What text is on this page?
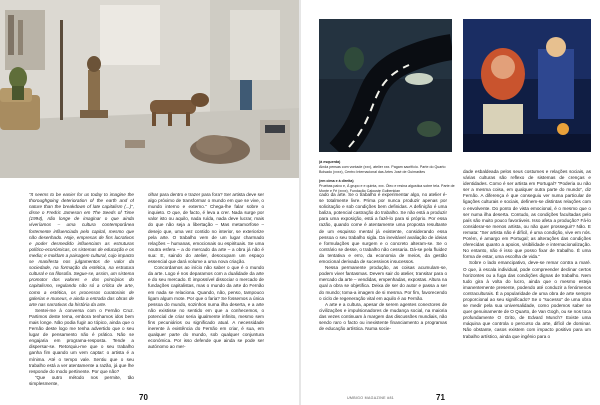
(à esquerda)
Ainda pensas com vontade (xxx), atelier xxx. Pagam sacrifício. Parte do Quarto Bolsado (xxxx), Centro Internacional das Artes José de Guimarães
(em cima e à direita)
Pruebas paixo e, À grupo e e quinta, xxx. Óleo e resina algustica sobre tela. Parte de Monte e Fé (xxxx), Fundação Calouste Gulbenkian

“It seems to be easier for us today to imagine the thoroughgoing deterioration of the earth and of nature than the breakdown of late capitalism (...)”, disse o Fredric Jameson em The Seeds of Time (1994), não longe de imaginar o que ainda viveríamos – uma cultura contemporânea fortemente influenciada pelo capital, mesmo que não desenhado. Hoje, empresas de fins lucrativos e poder desmedido influenciam as estruturas político-económicas, os sistemas de educação e os media; e moldam a paisagem cultural, cujo impacto se manifesta nos julgamentos de valor da sociedade, na formação da estética, na estrutura cultural e na filosofia. Segue-se, assim, um sistema promotor dos valores e dos princípios do capitalismo, regulando não só a crítica de arte, como a estética, os processos curatoriais de galerias e museus, e ainda a entrada das obras de arte nas narrativas da história da arte.

Sentei-me à conversa com o Fernão Cruz. Partimos deste tema, embora tenhamos idos bem mais longe. Não podia fugir ao tópico, ainda que o Fernão deste logo me tenha advertido que o seu lugar de pensamento não é prático. Não se engajaria em programa-resposta. Tende a dispersar-se. Retorquiu-me que o seu trabalho ganha fim quando um vem captar: o artista é a mínima. Até o tempo vale. Sentiu que o seu trabalho está a ver atentamente a razão, já que lhe responde do modo pertinente. Por que não?

“Que outro método nos permite, tão simplesmente,

olhar para dentro e trazer para fora? Ser artista deve ser algo próximo de transformar o mundo em que se vive, o mundo interno e externo.” Chega-lhe falar sobre o inquieto. O que, de facto, é leva a crer. Nada surge por valor isto ou aquilo, nada ruída, nada deve lucrar, mais do que não seja a libertação – Mas metamorfose – desejo que, uma vez contido no interior, se exteriorize pela arte. O trabalho vem de um lugar charmado relações – humanas, emocionais ou espirituais. Se uma noutra esfera – a do mercado da arte – a obra já não é sua: E, saindo do atelier, desocupam um espaço essencial que dará volume a uma nova criação.

Concordamos ao início não saber o que é o mundo da arte. Logo é nos deparamos com a dualidade da arte e do seu mercado. É impossível dissociar o mercado de fundações capitalistas, mas o mundo da arte do Fernão em nada se relaciona. Quando, não, penso, tampouco ligam algum mote. Por que o faria? Se fossemos a única pessoa do mundo, sozinhos numa ilha deserta, e a arte não existisse no sentido em que a conhecemos, o potencial de criar seria igualmente infinito, mesmo sem fins pecuniários ou significado atual. A necessidade inerente à existência do Fernão em criar, é sua, em qualquer parte do mundo, sob qualquer conjuntura económica. Por isso defende que ainda se pode ser autónomo ao mer-

cado da arte. Se o trabalho é experimentar algo, no atelier é-se totalmente livre. Prima por nunca produzir apenas por solicitação e sob condições bem definidas. A definição é uma baliza, potencial castração do trabalho. Se não está a produzir para uma exposição, está a fazê-lo para si próprio. Por essa razão, quando come é atentamente uma proposta resultante de um esquisso mental já existente, considerando essa pessoa o seu trabalho sigla. Da inevitável avaliação de ideias e formulações que surgem e o concreto alteram-se. Se o contrário se desse, o trabalho não cessaria. Dá-se pela fluidez da tentativa e erro, da economia de meios, da gestão emocional derivada de sucessivos insucessos.

Nessa permanente produção, as coisas acumulam-se, podem viver fantasmas. Devem sair do atelier, transitar para o mercado da arte – vendidas, empenhadas, expostas. Altura na qual a obra se objetifica. Deixa de ser do autor e passa a ser do mundo; toma-a imagem de si mesma. Por fim, favorecendo o ciclo de regeneração vital em aquilo é ao Fernão.

A arte e a cultura, apesar de serem agentes conectores de civilizações e impulsionadores de mudança social, na maioria das vezes continuam à margem das discussões mundiais, não sendo raro o facto ou inexistente financiamento a programas de educação artística. Numa socie-

dade esbaldeada pelos seus costumes e relações sociais, as várias culturas são reflexo de sistemas de crenças e identidades. Como é ser artista em Portugal? “Poderia ou não ser a mesma coisa, em qualquer outra parte do mundo”, diz Fernão. A diferença é que conseguiu ver numa particular de ligações culturais e sociais, definem-se distintas relações com o envolvente. Do ponto de vista emocional, é o mesmo que o ser numa ilha deserta. Contudo, as condições facultadas pelo país são muito pouco favoráveis. Isso afeta a produção? Fá-lo considerar-se menos artista, ou não quer prosseguir? Não. E remata: “Ser artista não é difícil, é uma condição, vive em nós. Porém, é amargo em Portugal; as alterações das condições oferecidas quanto a apoios, visibilidade e internacionalização. No entanto, não é isso que posso fixar de trabalho. É uma forma de estar, uma escolha de vida.”

Sobre o lado emancipativo, deve-se remar contra a maré. O que, à escala individual, pode compreender declinar certos horizontes ou a fuga das condições dignas de trabalho. Nem tudo gira à volta do lucro, ainda que o mesmo esteja imanentemente presente, podendo até conduzir a fenómenos contraculturais. É a popularidade de uma obra de arte sempre proporcional ao seu significado? Se o “sucesso” de uma obra se medir pela sua universalidade, como podemos saber se quer genuinamente de O Quarto, de Van Gogh, ou se nos toca profundamente O Grito, de Edvard Munch? Existe uma máquina que controla o percurso da arte, difícil de dominar. Não obstante, casos existem com impacto positivo para um trabalho artístico, ainda que ingênio para o

70	UMBIGO MAGAZINE #81	71
